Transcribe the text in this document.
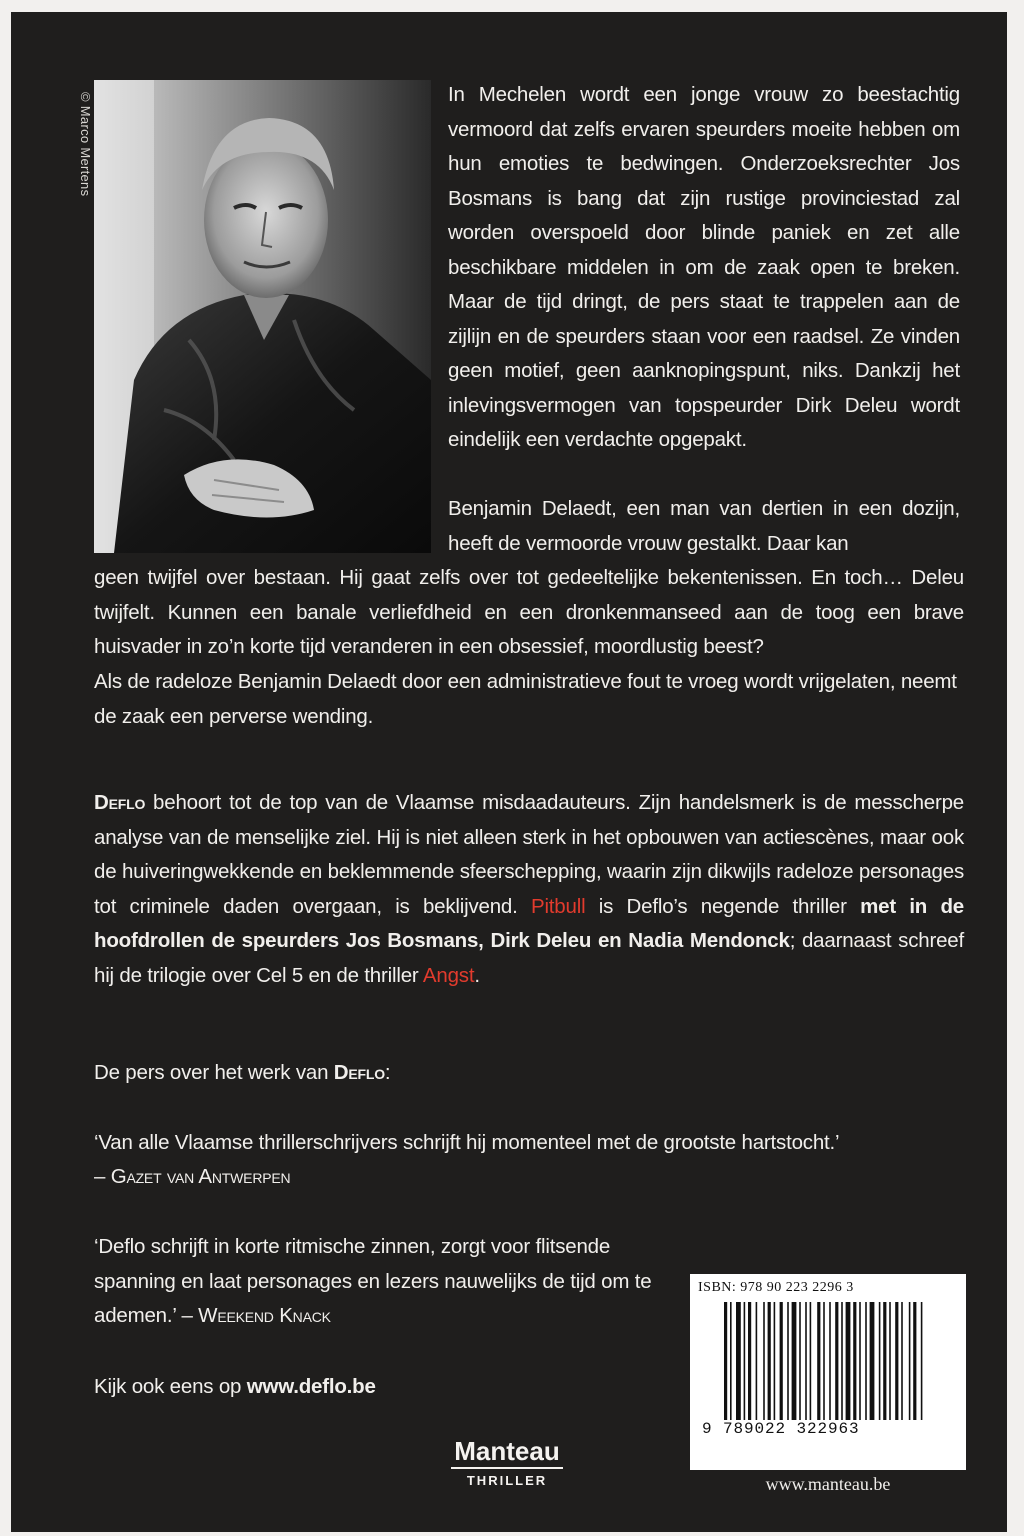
© Marco Mertens	In Mechelen wordt een jonge vrouw zo beestachtig vermoord dat zelfs ervaren speurders moeite hebben om hun emoties te bedwingen. Onderzoeksrechter Jos Bosmans is bang dat zijn rustige provinciestad zal worden overspoeld door blinde paniek en zet alle beschikbare middelen in om de zaak open te breken. Maar de tijd dringt, de pers staat te trappelen aan de zijlijn en de speurders staan voor een raadsel. Ze vinden geen motief, geen aanknopingspunt, niks. Dankzij het inlevingsvermogen van topspeurder Dirk Deleu wordt eindelijk een verdachte opgepakt.

Benjamin Delaedt, een man van dertien in een dozijn, heeft de vermoorde vrouw gestalkt. Daar kan

geen twijfel over bestaan. Hij gaat zelfs over tot gedeeltelijke bekentenissen. En toch… Deleu twijfelt. Kunnen een banale verliefdheid en een dronkenmanseed aan de toog een brave huisvader in zo’n korte tijd veranderen in een obsessief, moordlustig beest?

Als de radeloze Benjamin Delaedt door een administratieve fout te vroeg wordt vrijgelaten, neemt de zaak een perverse wending.

Deflo behoort tot de top van de Vlaamse misdaadauteurs. Zijn handelsmerk is de messcherpe analyse van de menselijke ziel. Hij is niet alleen sterk in het opbouwen van actiescènes, maar ook de huiveringwekkende en beklemmende sfeerschepping, waarin zijn dikwijls radeloze personages tot criminele daden overgaan, is beklijvend. Pitbull is Deflo’s negende thriller met in de hoofdrollen de speurders Jos Bosmans, Dirk Deleu en Nadia Mendonck; daarnaast schreef hij de trilogie over Cel 5 en de thriller Angst.

De pers over het werk van Deflo:

‘Van alle Vlaamse thrillerschrijvers schrijft hij momenteel met de grootste hartstocht.’

– Gazet van Antwerpen

‘Deflo schrijft in korte ritmische zinnen, zorgt voor flitsende spanning en laat personages en lezers nauwelijks de tijd om te ademen.’ – Weekend Knack

Kijk ook eens op www.deflo.be

Manteau
THRILLER
ISBN: 978 90 223 2296 3
9 789022 322963
www.manteau.be
